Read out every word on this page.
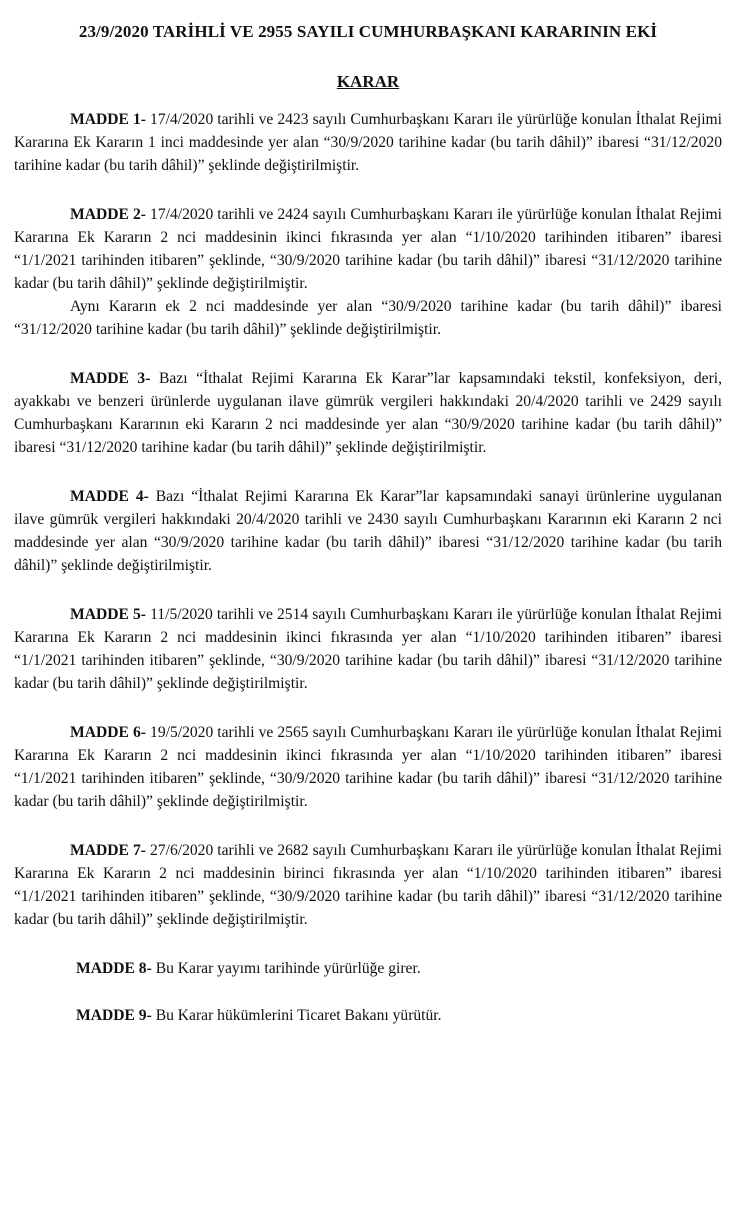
23/9/2020 TARİHLİ VE 2955 SAYILI CUMHURBAŞKANI KARARININ EKİ
KARAR

MADDE 1- 17/4/2020 tarihli ve 2423 sayılı Cumhurbaşkanı Kararı ile yürürlüğe konulan İthalat Rejimi Kararına Ek Kararın 1 inci maddesinde yer alan “30/9/2020 tarihine kadar (bu tarih dâhil)” ibaresi “31/12/2020 tarihine kadar (bu tarih dâhil)” şeklinde değiştirilmiştir.

MADDE 2- 17/4/2020 tarihli ve 2424 sayılı Cumhurbaşkanı Kararı ile yürürlüğe konulan İthalat Rejimi Kararına Ek Kararın 2 nci maddesinin ikinci fıkrasında yer alan “1/10/2020 tarihinden itibaren” ibaresi “1/1/2021 tarihinden itibaren” şeklinde, “30/9/2020 tarihine kadar (bu tarih dâhil)” ibaresi “31/12/2020 tarihine kadar (bu tarih dâhil)” şeklinde değiştirilmiştir.

Aynı Kararın ek 2 nci maddesinde yer alan “30/9/2020 tarihine kadar (bu tarih dâhil)” ibaresi “31/12/2020 tarihine kadar (bu tarih dâhil)” şeklinde değiştirilmiştir.

MADDE 3- Bazı “İthalat Rejimi Kararına Ek Karar”lar kapsamındaki tekstil, konfeksiyon, deri, ayakkabı ve benzeri ürünlerde uygulanan ilave gümrük vergileri hakkındaki 20/4/2020 tarihli ve 2429 sayılı Cumhurbaşkanı Kararının eki Kararın 2 nci maddesinde yer alan “30/9/2020 tarihine kadar (bu tarih dâhil)” ibaresi “31/12/2020 tarihine kadar (bu tarih dâhil)” şeklinde değiştirilmiştir.

MADDE 4- Bazı “İthalat Rejimi Kararına Ek Karar”lar kapsamındaki sanayi ürünlerine uygulanan ilave gümrük vergileri hakkındaki 20/4/2020 tarihli ve 2430 sayılı Cumhurbaşkanı Kararının eki Kararın 2 nci maddesinde yer alan “30/9/2020 tarihine kadar (bu tarih dâhil)” ibaresi “31/12/2020 tarihine kadar (bu tarih dâhil)” şeklinde değiştirilmiştir.

MADDE 5- 11/5/2020 tarihli ve 2514 sayılı Cumhurbaşkanı Kararı ile yürürlüğe konulan İthalat Rejimi Kararına Ek Kararın 2 nci maddesinin ikinci fıkrasında yer alan “1/10/2020 tarihinden itibaren” ibaresi “1/1/2021 tarihinden itibaren” şeklinde, “30/9/2020 tarihine kadar (bu tarih dâhil)” ibaresi “31/12/2020 tarihine kadar (bu tarih dâhil)” şeklinde değiştirilmiştir.

MADDE 6- 19/5/2020 tarihli ve 2565 sayılı Cumhurbaşkanı Kararı ile yürürlüğe konulan İthalat Rejimi Kararına Ek Kararın 2 nci maddesinin ikinci fıkrasında yer alan “1/10/2020 tarihinden itibaren” ibaresi “1/1/2021 tarihinden itibaren” şeklinde, “30/9/2020 tarihine kadar (bu tarih dâhil)” ibaresi “31/12/2020 tarihine kadar (bu tarih dâhil)” şeklinde değiştirilmiştir.

MADDE 7- 27/6/2020 tarihli ve 2682 sayılı Cumhurbaşkanı Kararı ile yürürlüğe konulan İthalat Rejimi Kararına Ek Kararın 2 nci maddesinin birinci fıkrasında yer alan “1/10/2020 tarihinden itibaren” ibaresi “1/1/2021 tarihinden itibaren” şeklinde, “30/9/2020 tarihine kadar (bu tarih dâhil)” ibaresi “31/12/2020 tarihine kadar (bu tarih dâhil)” şeklinde değiştirilmiştir.

MADDE 8- Bu Karar yayımı tarihinde yürürlüğe girer.

MADDE 9- Bu Karar hükümlerini Ticaret Bakanı yürütür.
